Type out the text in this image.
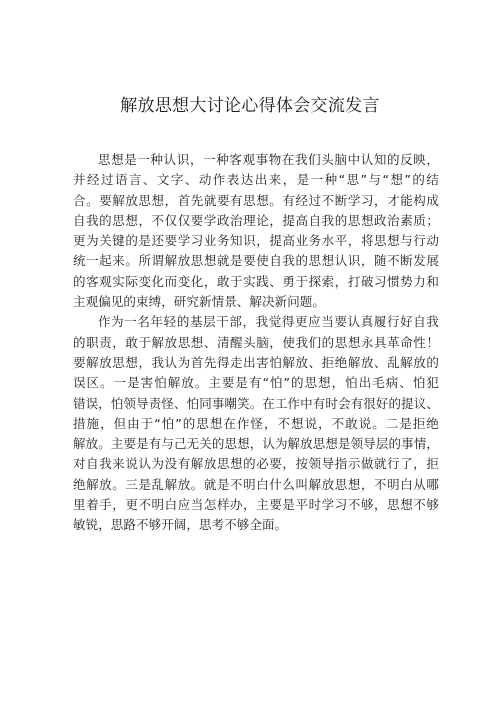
解放思想大讨论心得体会交流发言
思想是一种认识，一种客观事物在我们头脑中认知的反映，
并经过语言、文字、动作表达出来，是一种“思”与“想”的结
合。要解放思想，首先就要有思想。有经过不断学习，才能构成
自我的思想，不仅仅要学政治理论，提高自我的思想政治素质；
更为关键的是还要学习业务知识，提高业务水平，将思想与行动
统一起来。所谓解放思想就是要使自我的思想认识，随不断发展
的客观实际变化而变化，敢于实践、勇于探索，打破习惯势力和
主观偏见的束缚，研究新情景、解决新问题。
作为一名年轻的基层干部，我觉得更应当要认真履行好自我
的职责，敢于解放思想、清醒头脑，使我们的思想永具革命性！
要解放思想，我认为首先得走出害怕解放、拒绝解放、乱解放的
误区。一是害怕解放。主要是有“怕”的思想，怕出毛病、怕犯
错误，怕领导责怪、怕同事嘲笑。在工作中有时会有很好的提议、
措施，但由于“怕”的思想在作怪，不想说，不敢说。二是拒绝
解放。主要是有与己无关的思想，认为解放思想是领导层的事情，
对自我来说认为没有解放思想的必要，按领导指示做就行了，拒
绝解放。三是乱解放。就是不明白什么叫解放思想，不明白从哪
里着手，更不明白应当怎样办，主要是平时学习不够，思想不够
敏锐，思路不够开阔，思考不够全面。
